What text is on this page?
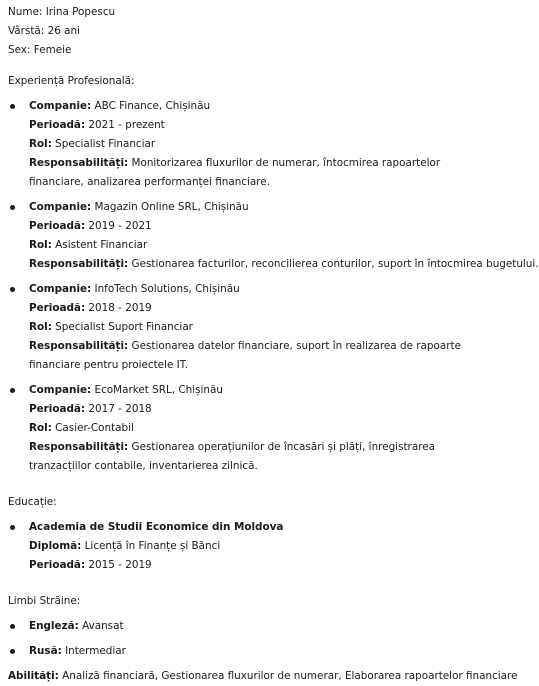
Nume: Irina Popescu
Vârstă: 26 ani
Sex: Femeie
Experiență Profesională:
Companie: ABC Finance, Chișinău
Perioadă: 2021 - prezent
Rol: Specialist Financiar
Responsabilități: Monitorizarea fluxurilor de numerar, întocmirea rapoartelor financiare, analizarea performanței financiare.
Companie: Magazin Online SRL, Chișinău
Perioadă: 2019 - 2021
Rol: Asistent Financiar
Responsabilități: Gestionarea facturilor, reconcilierea conturilor, suport în întocmirea bugetului.
Companie: InfoTech Solutions, Chișinău
Perioadă: 2018 - 2019
Rol: Specialist Suport Financiar
Responsabilități: Gestionarea datelor financiare, suport în realizarea de rapoarte financiare pentru proiectele IT.
Companie: EcoMarket SRL, Chișinău
Perioadă: 2017 - 2018
Rol: Casier-Contabil
Responsabilități: Gestionarea operațiunilor de încasări și plăți, înregistrarea tranzacțiilor contabile, inventarierea zilnică.
Educație:
Academia de Studii Economice din Moldova
Diplomă: Licență în Finanțe și Bănci
Perioadă: 2015 - 2019
Limbi Străine:
Engleză: Avansat
Rusă: Intermediar
Abilități: Analiză financiară, Gestionarea fluxurilor de numerar, Elaborarea rapoartelor financiare
